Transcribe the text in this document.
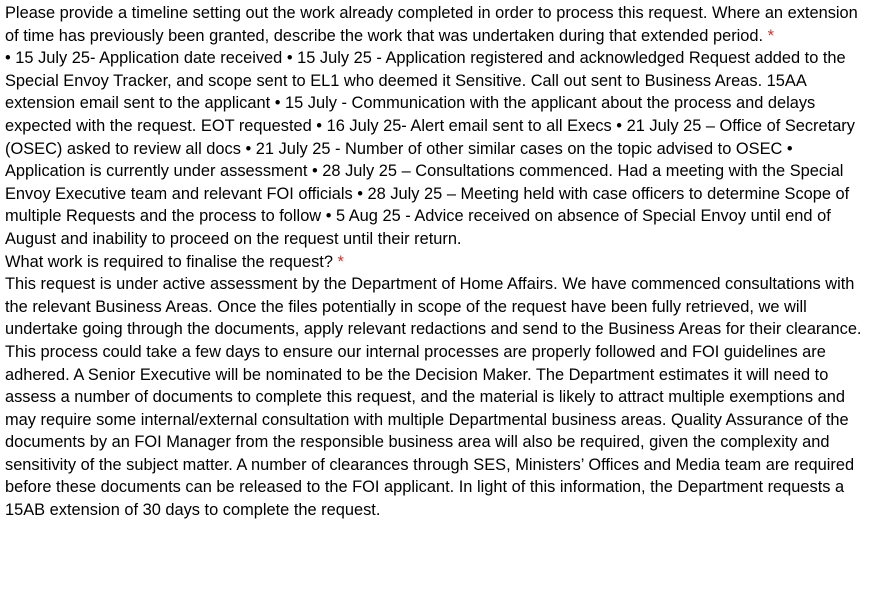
Please provide a timeline setting out the work already completed in order to process this request. Where an extension of time has previously been granted, describe the work that was undertaken during that extended period. *

• 15 July 25- Application date received • 15 July 25 - Application registered and acknowledged Request added to the Special Envoy Tracker, and scope sent to EL1 who deemed it Sensitive. Call out sent to Business Areas. 15AA extension email sent to the applicant • 15 July - Communication with the applicant about the process and delays expected with the request. EOT requested • 16 July 25- Alert email sent to all Execs • 21 July 25 – Office of Secretary (OSEC) asked to review all docs • 21 July 25 - Number of other similar cases on the topic advised to OSEC • Application is currently under assessment • 28 July 25 – Consultations commenced. Had a meeting with the Special Envoy Executive team and relevant FOI officials • 28 July 25 – Meeting held with case officers to determine Scope of multiple Requests and the process to follow • 5 Aug 25 - Advice received on absence of Special Envoy until end of August and inability to proceed on the request until their return.

What work is required to finalise the request? *

This request is under active assessment by the Department of Home Affairs. We have commenced consultations with the relevant Business Areas. Once the files potentially in scope of the request have been fully retrieved, we will undertake going through the documents, apply relevant redactions and send to the Business Areas for their clearance. This process could take a few days to ensure our internal processes are properly followed and FOI guidelines are adhered. A Senior Executive will be nominated to be the Decision Maker. The Department estimates it will need to assess a number of documents to complete this request, and the material is likely to attract multiple exemptions and may require some internal/external consultation with multiple Departmental business areas. Quality Assurance of the documents by an FOI Manager from the responsible business area will also be required, given the complexity and sensitivity of the subject matter. A number of clearances through SES, Ministers’ Offices and Media team are required before these documents can be released to the FOI applicant. In light of this information, the Department requests a 15AB extension of 30 days to complete the request.
